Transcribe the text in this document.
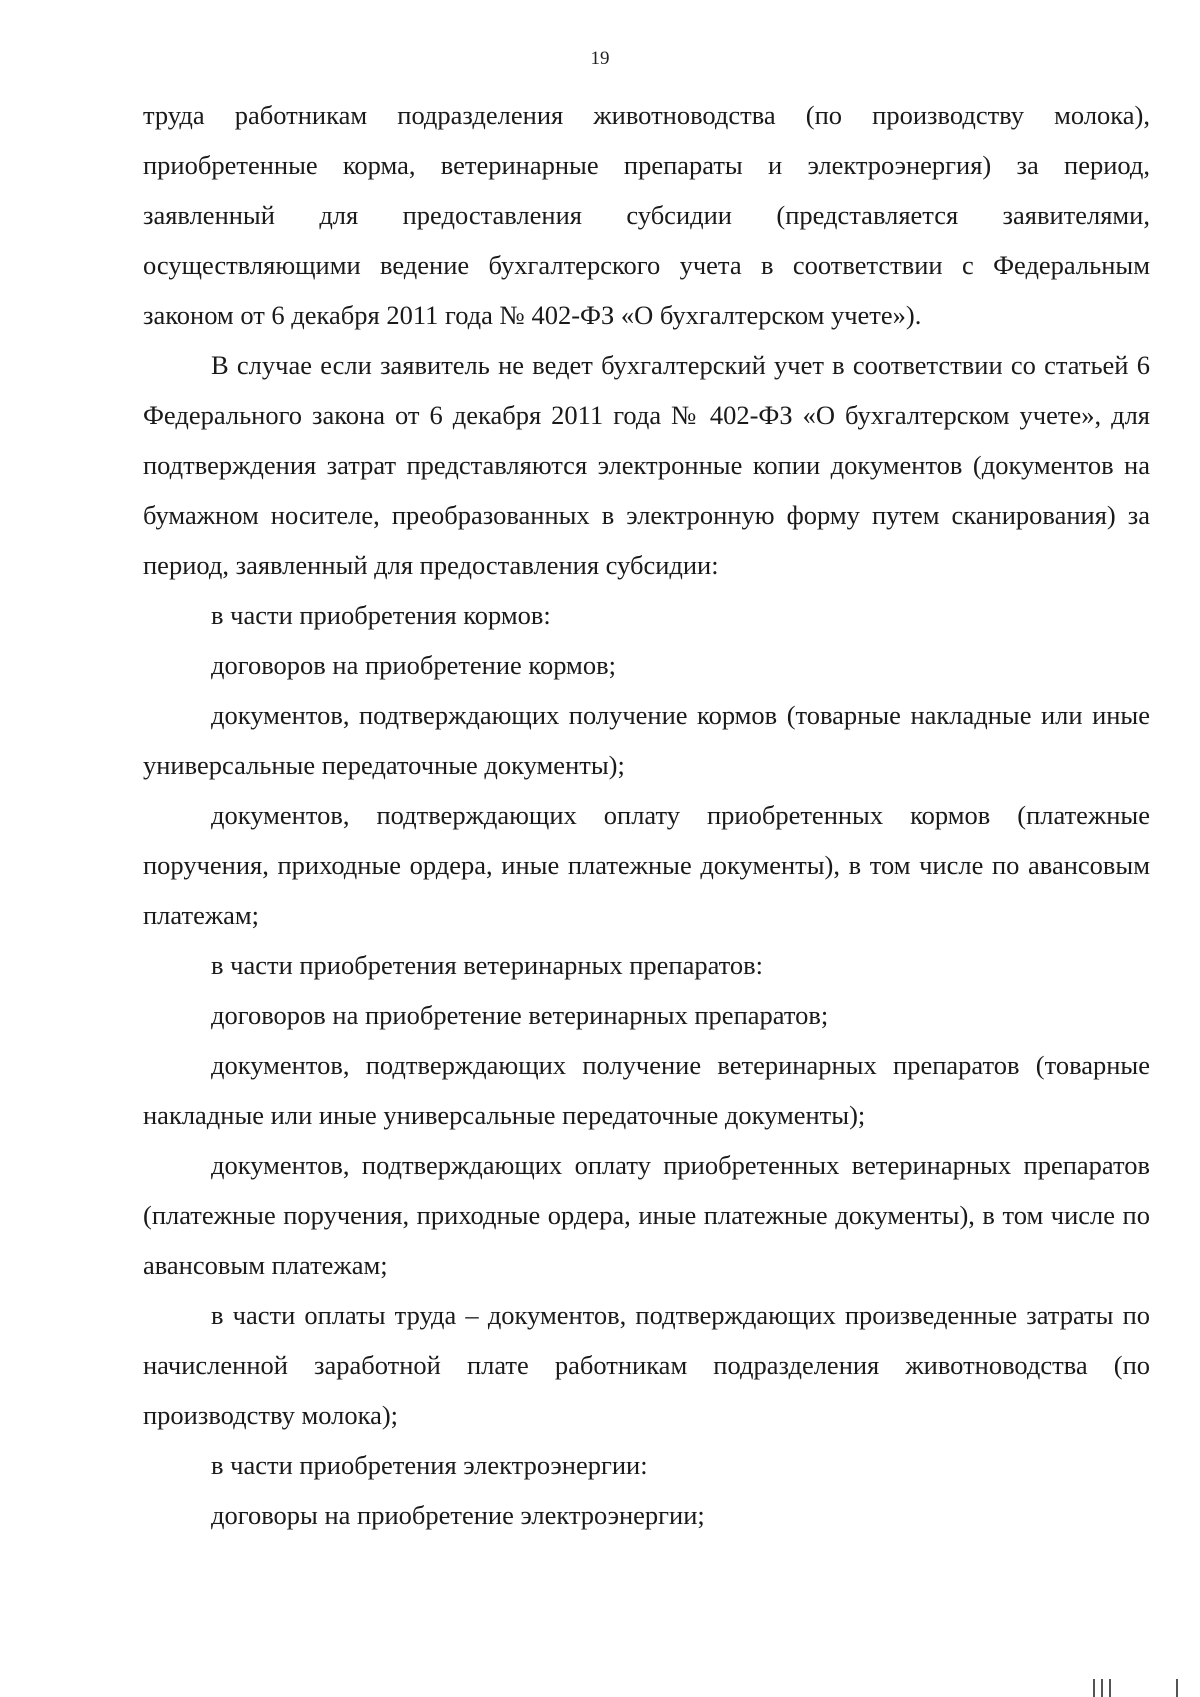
19

труда работникам подразделения животноводства (по производству молока), приобретенные корма, ветеринарные препараты и электроэнергия) за период, заявленный для предоставления субсидии (представляется заявителями, осуществляющими ведение бухгалтерского учета в соответствии с Федеральным законом от 6 декабря 2011 года № 402-ФЗ «О бухгалтерском учете»).

В случае если заявитель не ведет бухгалтерский учет в соответствии со статьей 6 Федерального закона от 6 декабря 2011 года № 402-ФЗ «О бухгалтерском учете», для подтверждения затрат представляются электронные копии документов (документов на бумажном носителе, преобразованных в электронную форму путем сканирования) за период, заявленный для предоставления субсидии:

в части приобретения кормов:

договоров на приобретение кормов;

документов, подтверждающих получение кормов (товарные накладные или иные универсальные передаточные документы);

документов, подтверждающих оплату приобретенных кормов (платежные поручения, приходные ордера, иные платежные документы), в том числе по авансовым платежам;

в части приобретения ветеринарных препаратов:

договоров на приобретение ветеринарных препаратов;

документов, подтверждающих получение ветеринарных препаратов (товарные накладные или иные универсальные передаточные документы);

документов, подтверждающих оплату приобретенных ветеринарных препаратов (платежные поручения, приходные ордера, иные платежные документы), в том числе по авансовым платежам;

в части оплаты труда – документов, подтверждающих произведенные затраты по начисленной заработной плате работникам подразделения животноводства (по производству молока);

в части приобретения электроэнергии:

договоры на приобретение электроэнергии;
